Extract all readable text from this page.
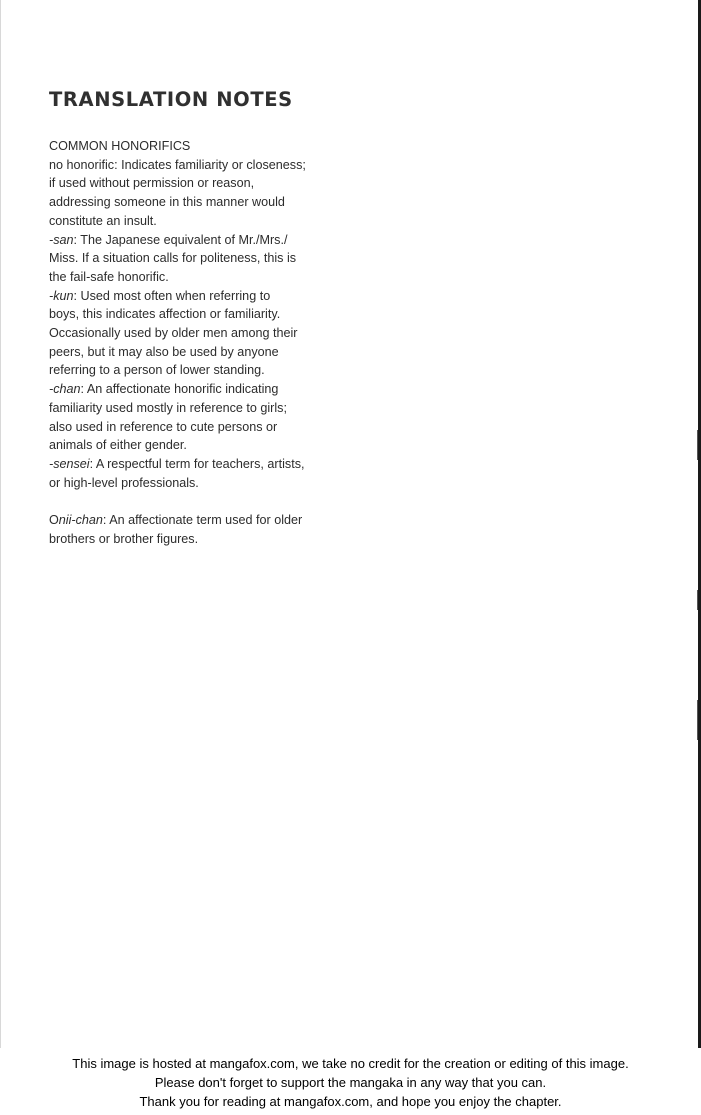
TRANSLATION NOTES
COMMON HONORIFICS
no honorific: Indicates familiarity or closeness;
if used without permission or reason,
addressing someone in this manner would
constitute an insult.
-san: The Japanese equivalent of Mr./Mrs./
Miss. If a situation calls for politeness, this is
the fail-safe honorific.
-kun: Used most often when referring to
boys, this indicates affection or familiarity.
Occasionally used by older men among their
peers, but it may also be used by anyone
referring to a person of lower standing.
-chan: An affectionate honorific indicating
familiarity used mostly in reference to girls;
also used in reference to cute persons or
animals of either gender.
-sensei: A respectful term for teachers, artists,
or high-level professionals.
Onii-chan: An affectionate term used for older
brothers or brother figures.
This image is hosted at mangafox.com, we take no credit for the creation or editing of this image.
Please don't forget to support the mangaka in any way that you can.
Thank you for reading at mangafox.com, and hope you enjoy the chapter.
